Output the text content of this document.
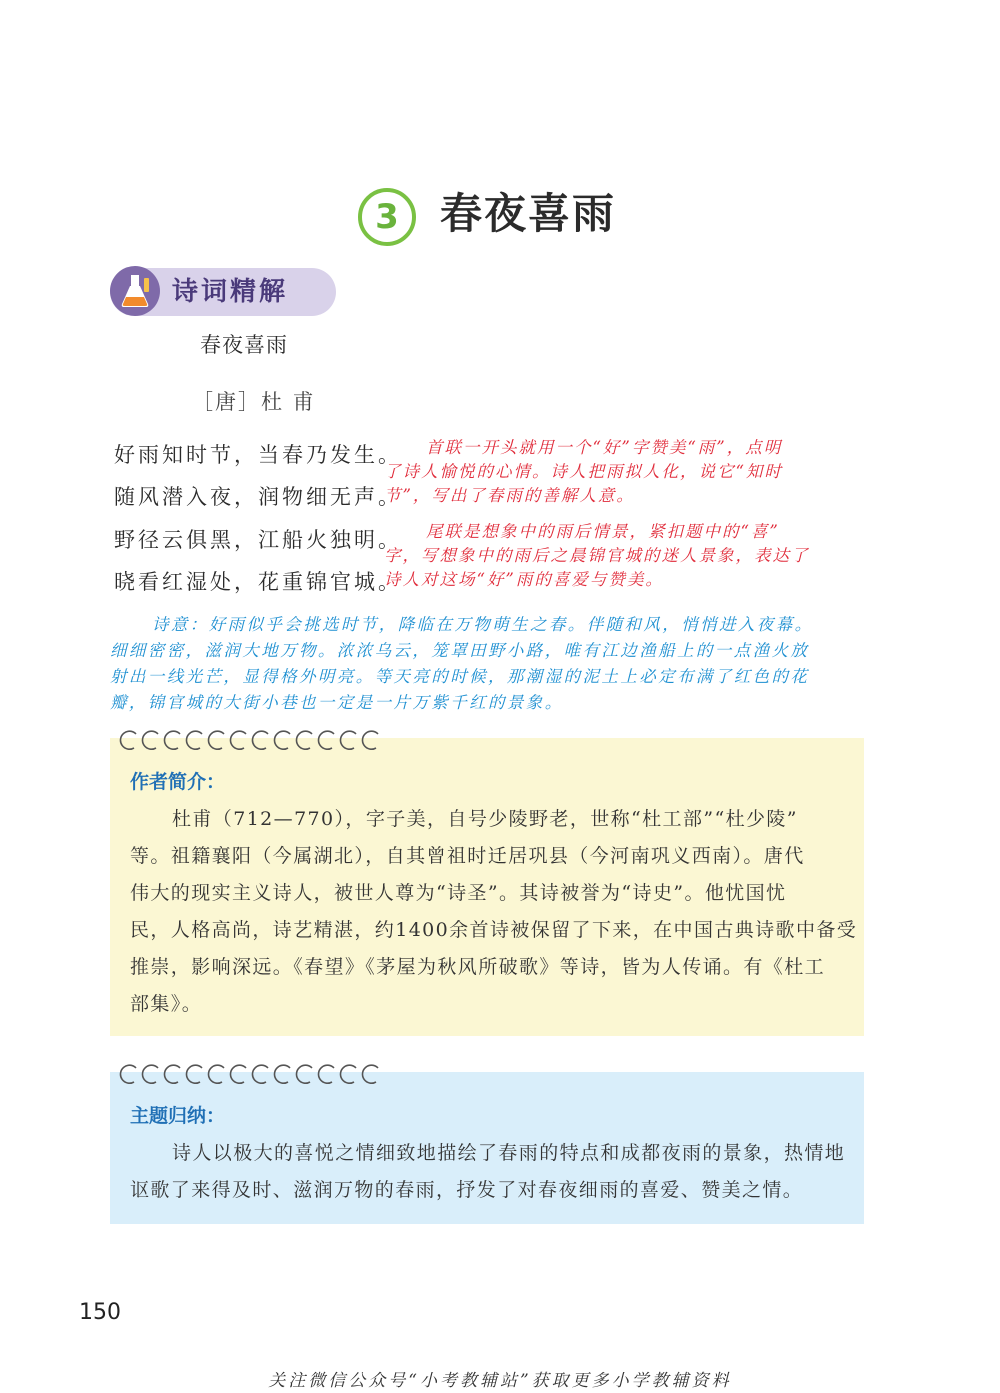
3 春夜喜雨
诗词精解
春夜喜雨
［唐］杜 甫
好雨知时节，当春乃发生。
随风潜入夜，润物细无声。
野径云俱黑，江船火独明。
晓看红湿处，花重锦官城。
首联一开头就用一个“好”字赞美“雨”，点明
了诗人愉悦的心情。诗人把雨拟人化，说它“知时
节”，写出了春雨的善解人意。
尾联是想象中的雨后情景，紧扣题中的“喜”
字，写想象中的雨后之晨锦官城的迷人景象，表达了
诗人对这场“好”雨的喜爱与赞美。
诗意：好雨似乎会挑选时节，降临在万物萌生之春。伴随和风，悄悄进入夜幕。
细细密密，滋润大地万物。浓浓乌云，笼罩田野小路，唯有江边渔船上的一点渔火放
射出一线光芒，显得格外明亮。等天亮的时候，那潮湿的泥土上必定布满了红色的花
瓣，锦官城的大街小巷也一定是一片万紫千红的景象。
作者简介：
杜甫（712—770），字子美，自号少陵野老，世称“杜工部”“杜少陵”
等。祖籍襄阳（今属湖北），自其曾祖时迁居巩县（今河南巩义西南）。唐代
伟大的现实主义诗人，被世人尊为“诗圣”。其诗被誉为“诗史”。他忧国忧
民，人格高尚，诗艺精湛，约1400余首诗被保留了下来，在中国古典诗歌中备受
推崇，影响深远。《春望》《茅屋为秋风所破歌》等诗，皆为人传诵。有《杜工
部集》。
主题归纳：
诗人以极大的喜悦之情细致地描绘了春雨的特点和成都夜雨的景象，热情地
讴歌了来得及时、滋润万物的春雨，抒发了对春夜细雨的喜爱、赞美之情。
150
关注微信公众号“小考教辅站”获取更多小学教辅资料
